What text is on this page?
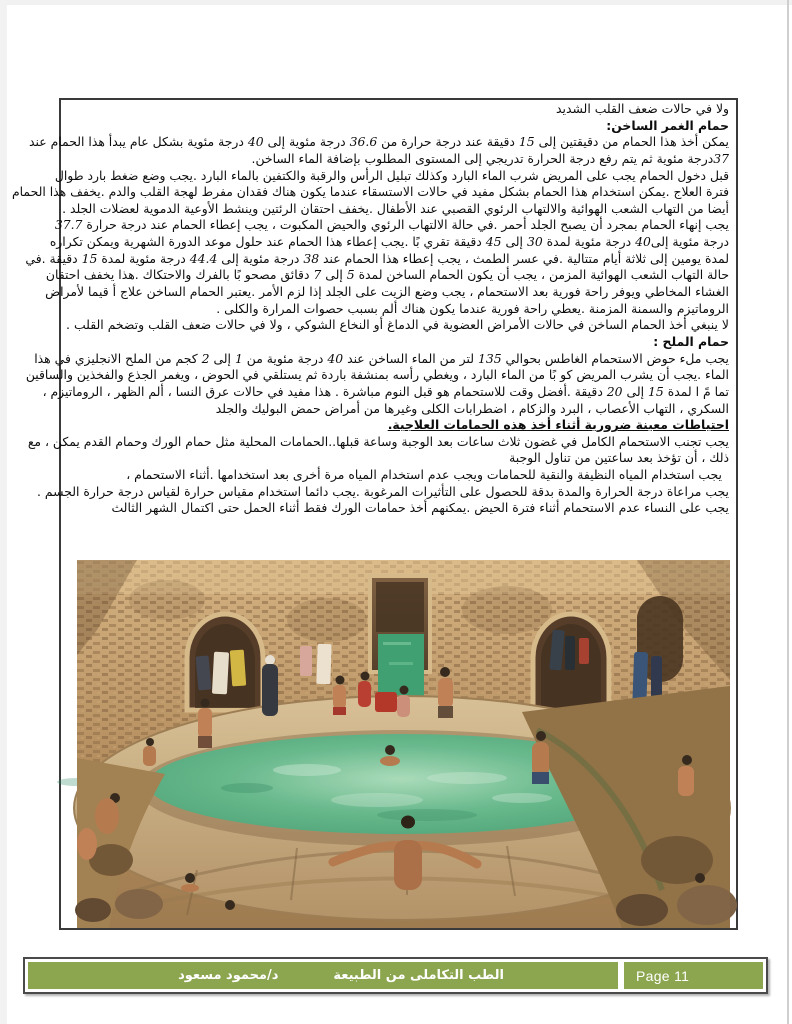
ولا في حالات ضعف القلب الشديد
حمام الغمر الساخن:
يمكن أخذ هذا الحمام من دقيقتين إلى 15 دقيقة عند درجة حرارة من 36.6 درجة مئوية إلى 40 درجة مئوية بشكل عام يبدأ هذا الحمام عند
37درجة مئوية ثم يتم رفع درجة الحرارة تدريجي إلى المستوى المطلوب بإضافة الماء الساخن.
قبل دخول الحمام يجب على المريض شرب الماء البارد وكذلك تبليل الرأس والرقبة والكتفين بالماء البارد .يجب وضع ضغط بارد طوال
فترة العلاج .يمكن استخدام هذا الحمام بشكل مفيد في حالات الاستسقاء عندما يكون هناك فقدان مفرط لهجة القلب والدم .يخفف هذا الحمام
أيضا من التهاب الشعب الهوائية والالتهاب الرئوي القصبي عند الأطفال .يخفف احتقان الرئتين وينشط الأوعية الدموية لعضلات الجلد .
يجب إنهاء الحمام بمجرد أن يصبح الجلد أحمر .في حالة الالتهاب الرئوي والحيض المكبوت ، يجب إعطاء الحمام عند درجة حرارة 37.7
درجة مئوية إلى40 درجة مئوية لمدة 30 إلى 45 دقيقة تقري بًا .يجب إعطاء هذا الحمام عند حلول موعد الدورة الشهرية ويمكن تكراره
لمدة يومين إلى ثلاثة أيام متتالية .في عسر الطمث ، يجب إعطاء هذا الحمام عند 38 درجة مئوية إلى 44.4 درجة مئوية لمدة 15 دقيقة .في
حالة التهاب الشعب الهوائية المزمن ، يجب أن يكون الحمام الساخن لمدة 5 إلى 7 دقائق مصحو بًا بالفرك والاحتكاك .هذا يخفف احتقان
الغشاء المخاطي ويوفر راحة فورية بعد الاستحمام ، يجب وضع الزيت على الجلد إذا لزم الأمر .يعتبر الحمام الساخن علاج أ قيما لأمراض
الروماتيزم والسمنة المزمنة .يعطي راحة فورية عندما يكون هناك ألم بسبب حصوات المرارة والكلى .
لا ينبغي أخذ الحمام الساخن في حالات الأمراض العضوية في الدماغ أو النخاع الشوكي ، ولا في حالات ضعف القلب وتضخم القلب .
حمام الملح :
يجب ملء حوض الاستحمام الغاطس بحوالي 135 لتر من الماء الساخن عند 40 درجة مئوية من 1 إلى 2 كجم من الملح الانجليزي في هذا
الماء .يجب أن يشرب المريض كو بًا من الماء البارد ، ويغطي رأسه بمنشفة باردة ثم يستلقي في الحوض ، ويغمر الجذع والفخذين والساقين
تما مً ا لمدة 15 إلى 20 دقيقة .أفضل وقت للاستحمام هو قبل النوم مباشرة . هذا مفيد في حالات عرق النسا ، ألم الظهر ، الروماتيزم ،
السكري ، التهاب الأعصاب ، البرد والزكام ، اضطرابات الكلى وغيرها من أمراض حمض البوليك والجلد
احتياطات معينة ضرورية أثناء أخذ هذه الحمامات العلاجية.
يجب تجنب الاستحمام الكامل في غضون ثلاث ساعات بعد الوجبة وساعة قبلها..الحمامات المحلية مثل حمام الورك وحمام القدم يمكن ، مع
ذلك ، أن تؤخذ بعد ساعتين من تناول الوجبة
يجب استخدام المياه النظيفة والنقية للحمامات ويجب عدم استخدام المياه مرة أخرى بعد استخدامها .أثناء الاستحمام ،
يجب مراعاة درجة الحرارة والمدة بدقة للحصول على التأثيرات المرغوبة .يجب دائما استخدام مقياس حرارة لقياس درجة حرارة الجسم .
يجب على النساء عدم الاستحمام أثناء فترة الحيض .يمكنهم أخذ حمامات الورك فقط أثناء الحمل حتى اكتمال الشهر الثالث
الطب التكاملى من الطبيعة
د/محمود مسعود	Page 11
